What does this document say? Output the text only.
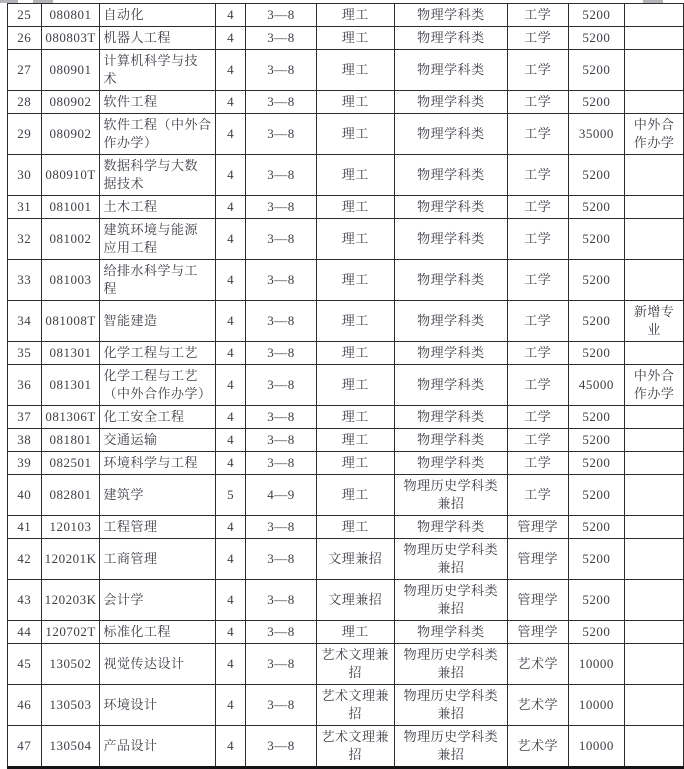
25	080801	自动化	4	3—8	理工	物理学科类	工学	5200	
26	080803T	机器人工程	4	3—8	理工	物理学科类	工学	5200	
27	080901	计算机科学与技
术	4	3—8	理工	物理学科类	工学	5200	
28	080902	软件工程	4	3—8	理工	物理学科类	工学	5200	
29	080902	软件工程（中外合
作办学）	4	3—8	理工	物理学科类	工学	35000	中外合
作办学
30	080910T	数据科学与大数
据技术	4	3—8	理工	物理学科类	工学	5200	
31	081001	土木工程	4	3—8	理工	物理学科类	工学	5200	
32	081002	建筑环境与能源
应用工程	4	3—8	理工	物理学科类	工学	5200	
33	081003	给排水科学与工
程	4	3—8	理工	物理学科类	工学	5200	
34	081008T	智能建造	4	3—8	理工	物理学科类	工学	5200	新增专
业
35	081301	化学工程与工艺	4	3—8	理工	物理学科类	工学	5200	
36	081301	化学工程与工艺
（中外合作办学）	4	3—8	理工	物理学科类	工学	45000	中外合
作办学
37	081306T	化工安全工程	4	3—8	理工	物理学科类	工学	5200	
38	081801	交通运输	4	3—8	理工	物理学科类	工学	5200	
39	082501	环境科学与工程	4	3—8	理工	物理学科类	工学	5200	
40	082801	建筑学	5	4—9	理工	物理历史学科类
兼招	工学	5200	
41	120103	工程管理	4	3—8	理工	物理学科类	管理学	5200	
42	120201K	工商管理	4	3—8	文理兼招	物理历史学科类
兼招	管理学	5200	
43	120203K	会计学	4	3—8	文理兼招	物理历史学科类
兼招	管理学	5200	
44	120702T	标准化工程	4	3—8	理工	物理学科类	管理学	5200	
45	130502	视觉传达设计	4	3—8	艺术文理兼
招	物理历史学科类
兼招	艺术学	10000	
46	130503	环境设计	4	3—8	艺术文理兼
招	物理历史学科类
兼招	艺术学	10000	
47	130504	产品设计	4	3—8	艺术文理兼
招	物理历史学科类
兼招	艺术学	10000	
